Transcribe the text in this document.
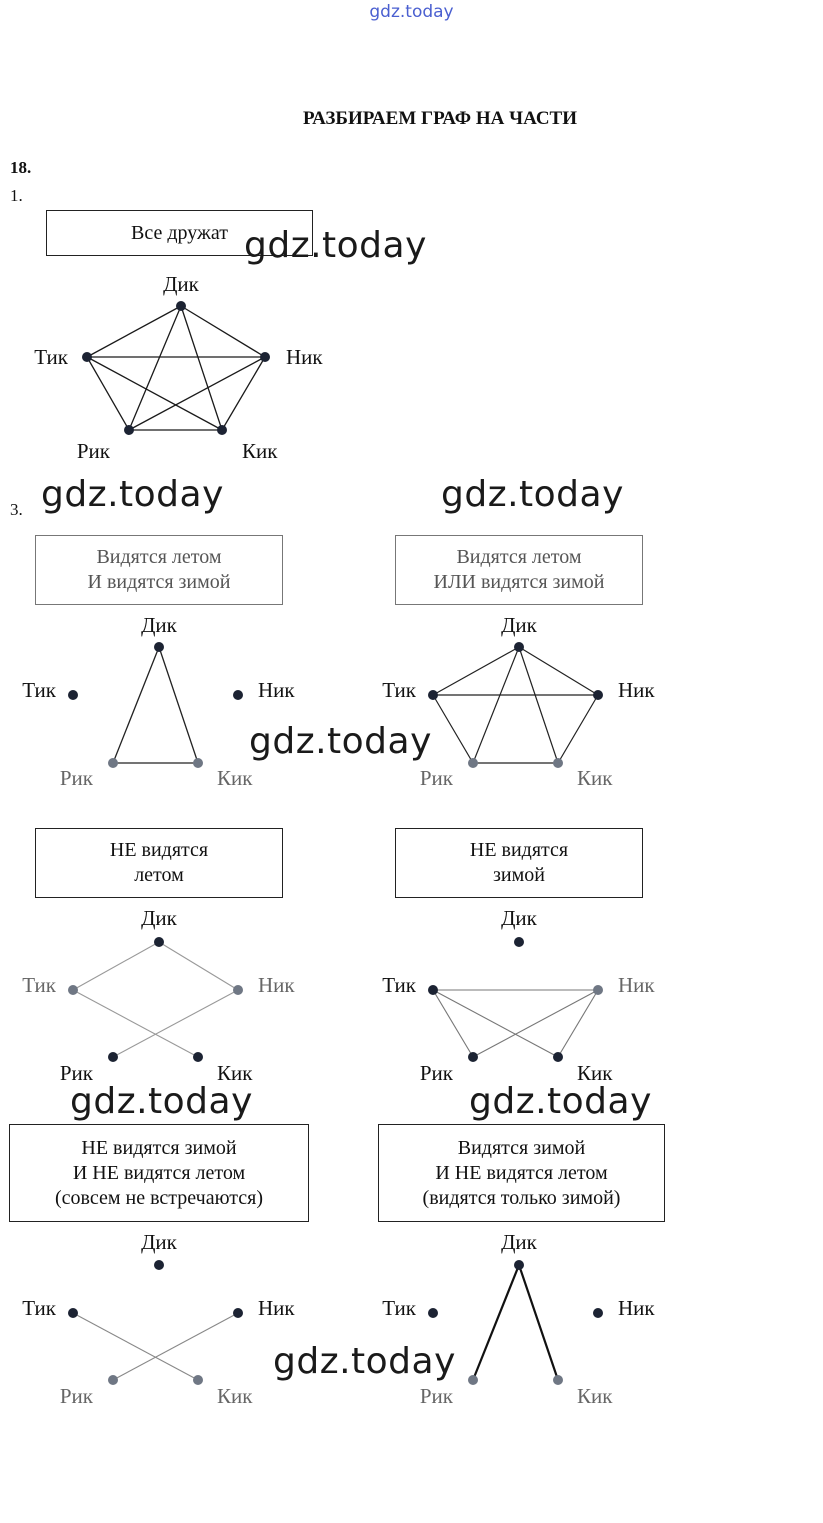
gdz.today
РАЗБИРАЕМ ГРАФ НА ЧАСТИ
18.
1.
3.
Все дружат
Видятся летом
И видятся зимой
Видятся летом
ИЛИ видятся зимой
НЕ видятся
летом
НЕ видятся
зимой
НЕ видятся зимой
И НЕ видятся летом
(совсем не встречаются)
Видятся зимой
И НЕ видятся летом
(видятся только зимой)
Дик
Ник
Кик
Рик
Тик
Дик
Ник
Кик
Рик
Тик
Дик
Ник
Кик
Рик
Тик
Дик
Ник
Кик
Рик
Тик
Дик
Ник
Кик
Рик
Тик
Дик
Ник
Кик
Рик
Тик
Дик
Ник
Кик
Рик
Тик
gdz.today
gdz.today	gdz.today
gdz.today
gdz.today	gdz.today
gdz.today
